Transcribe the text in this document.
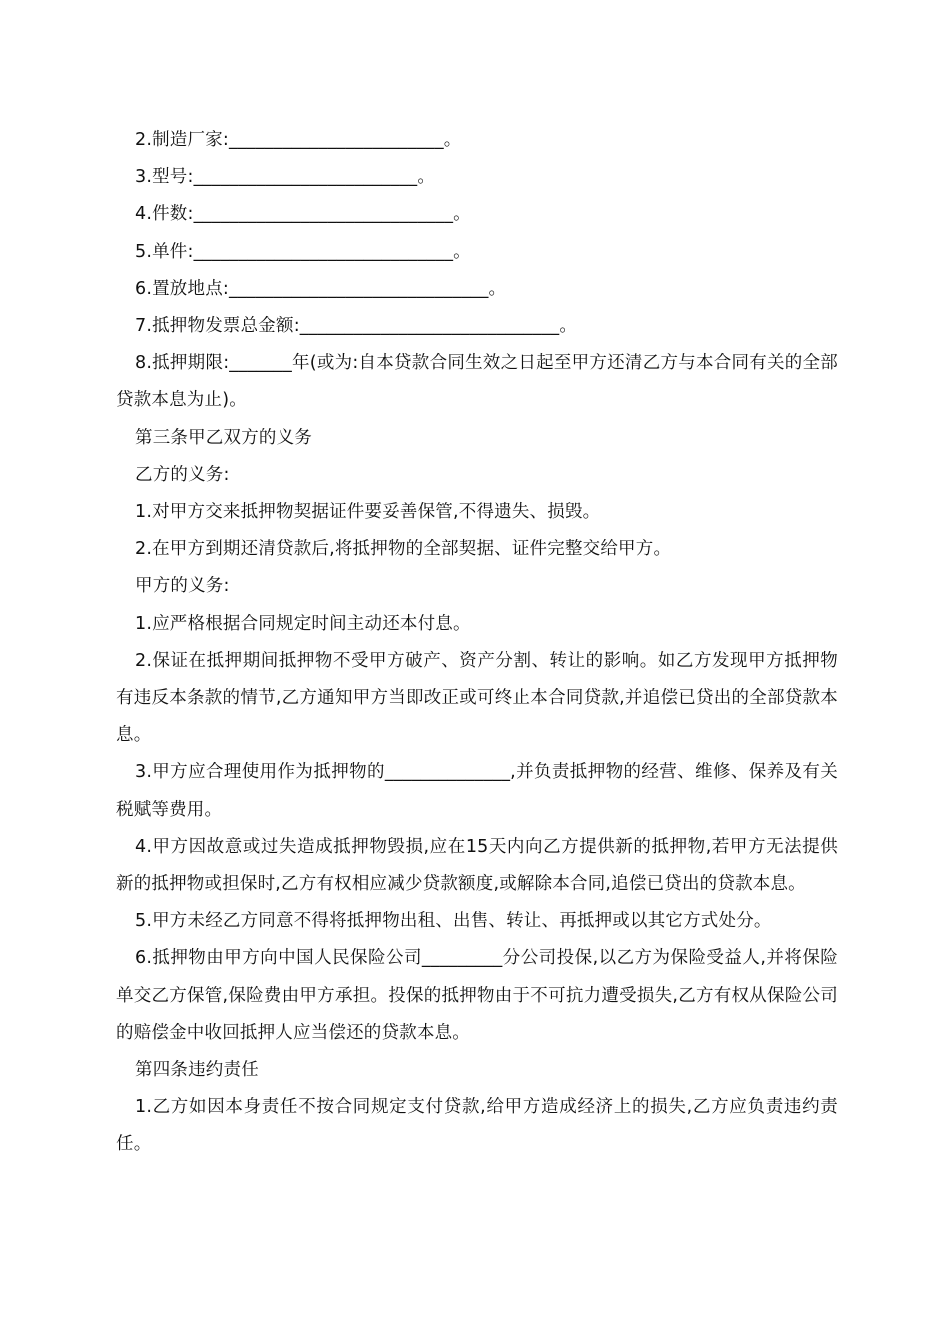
2.制造厂家:________________________。

3.型号:_________________________。

4.件数:_____________________________。

5.单件:_____________________________。

6.置放地点:_____________________________。

7.抵押物发票总金额:_____________________________。

8.抵押期限:_______年(或为:自本贷款合同生效之日起至甲方还清乙方与本合同有关的全部贷款本息为止)。

第三条甲乙双方的义务

乙方的义务:

1.对甲方交来抵押物契据证件要妥善保管,不得遗失、损毁。

2.在甲方到期还清贷款后,将抵押物的全部契据、证件完整交给甲方。

甲方的义务:

1.应严格根据合同规定时间主动还本付息。

2.保证在抵押期间抵押物不受甲方破产、资产分割、转让的影响。如乙方发现甲方抵押物有违反本条款的情节,乙方通知甲方当即改正或可终止本合同贷款,并追偿已贷出的全部贷款本息。

3.甲方应合理使用作为抵押物的______________,并负责抵押物的经营、维修、保养及有关税赋等费用。

4.甲方因故意或过失造成抵押物毁损,应在15天内向乙方提供新的抵押物,若甲方无法提供新的抵押物或担保时,乙方有权相应减少贷款额度,或解除本合同,追偿已贷出的贷款本息。

5.甲方未经乙方同意不得将抵押物出租、出售、转让、再抵押或以其它方式处分。

6.抵押物由甲方向中国人民保险公司_________分公司投保,以乙方为保险受益人,并将保险单交乙方保管,保险费由甲方承担。投保的抵押物由于不可抗力遭受损失,乙方有权从保险公司的赔偿金中收回抵押人应当偿还的贷款本息。

第四条违约责任

1.乙方如因本身责任不按合同规定支付贷款,给甲方造成经济上的损失,乙方应负责违约责任。
